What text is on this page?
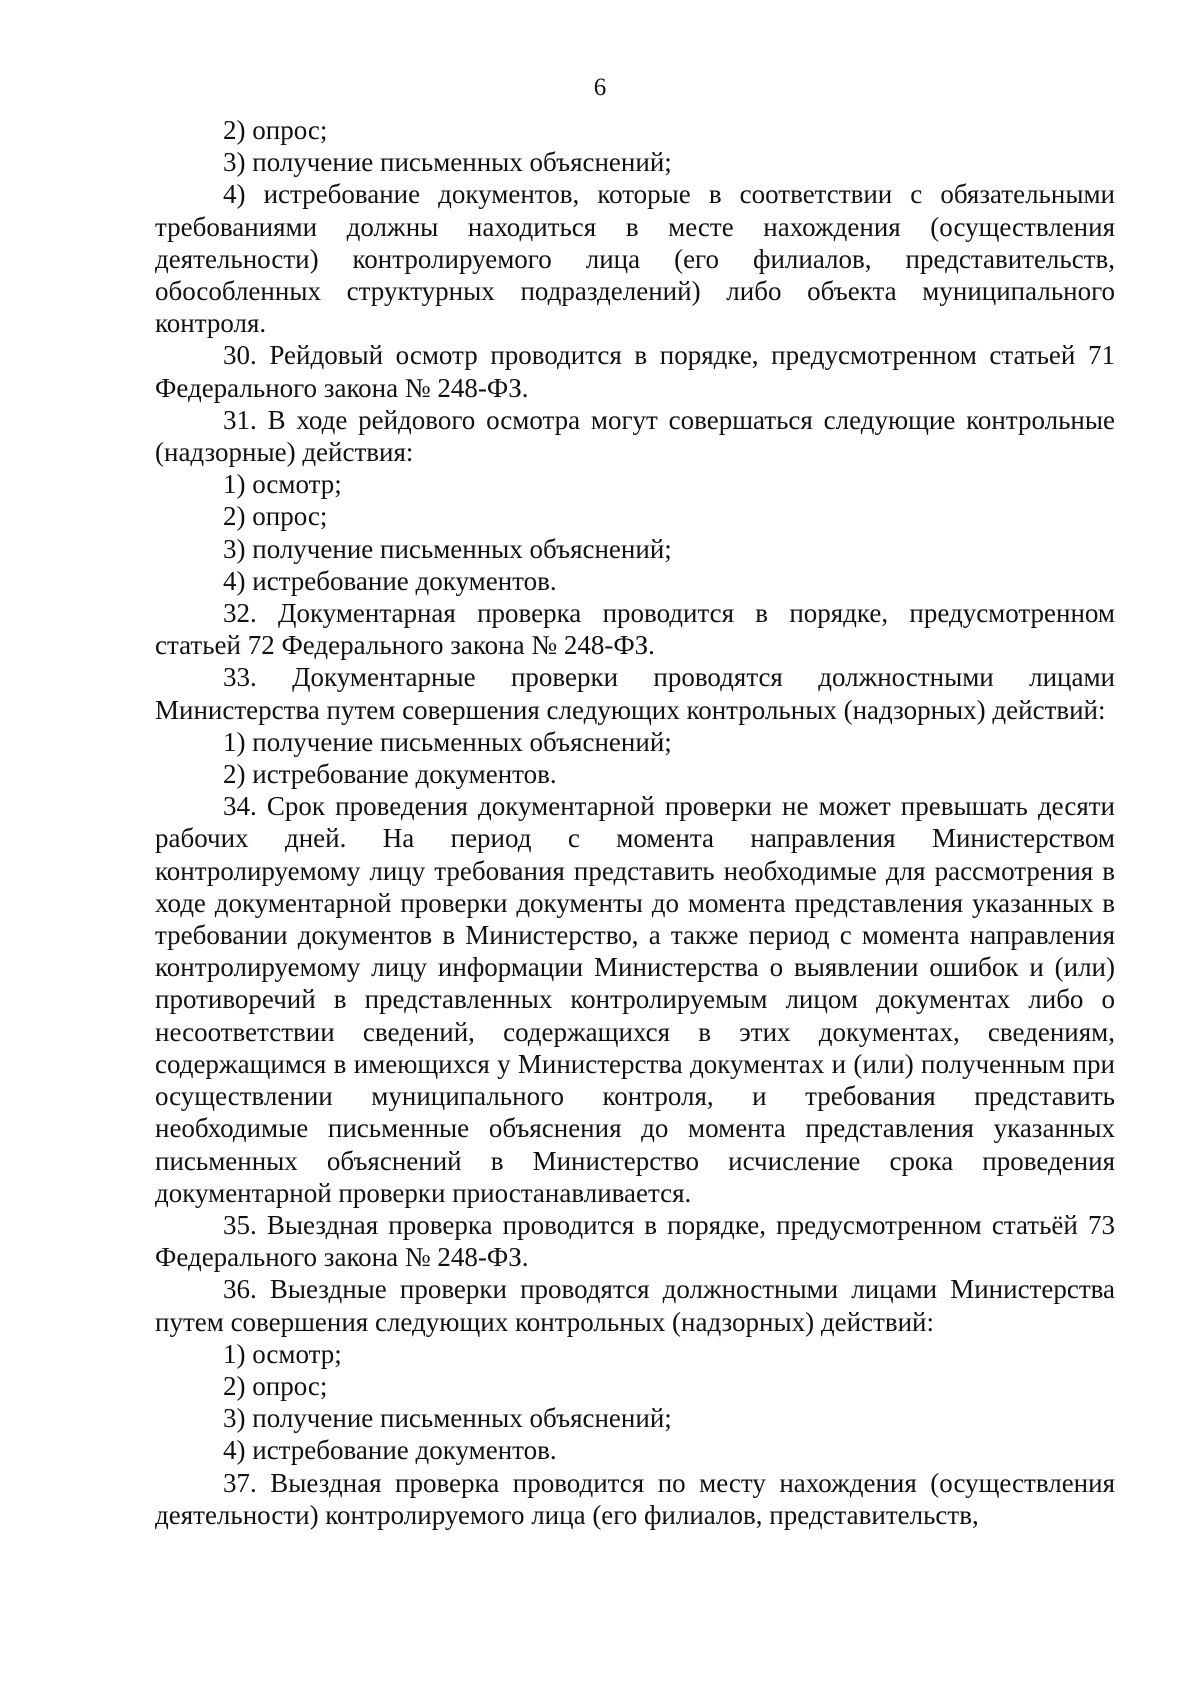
6

2) опрос;

3) получение письменных объяснений;

4) истребование документов, которые в соответствии с обязательными требованиями должны находиться в месте нахождения (осуществления деятельности) контролируемого лица (его филиалов, представительств, обособленных структурных подразделений) либо объекта муниципального контроля.

30. Рейдовый осмотр проводится в порядке, предусмотренном статьей 71 Федерального закона № 248-ФЗ.

31. В ходе рейдового осмотра могут совершаться следующие контрольные (надзорные) действия:

1) осмотр;

2) опрос;

3) получение письменных объяснений;

4) истребование документов.

32. Документарная проверка проводится в порядке, предусмотренном статьей 72 Федерального закона № 248-ФЗ.

33. Документарные проверки проводятся должностными лицами Министерства путем совершения следующих контрольных (надзорных) действий:

1) получение письменных объяснений;

2) истребование документов.

34. Срок проведения документарной проверки не может превышать десяти рабочих дней. На период с момента направления Министерством контролируемому лицу требования представить необходимые для рассмотрения в ходе документарной проверки документы до момента представления указанных в требовании документов в Министерство, а также период с момента направления контролируемому лицу информации Министерства о выявлении ошибок и (или) противоречий в представленных контролируемым лицом документах либо о несоответствии сведений, содержащихся в этих документах, сведениям, содержащимся в имеющихся у Министерства документах и (или) полученным при осуществлении муниципального контроля, и требования представить необходимые письменные объяснения до момента представления указанных письменных объяснений в Министерство исчисление срока проведения документарной проверки приостанавливается.

35. Выездная проверка проводится в порядке, предусмотренном статьёй 73 Федерального закона № 248-ФЗ.

36. Выездные проверки проводятся должностными лицами Министерства путем совершения следующих контрольных (надзорных) действий:

1) осмотр;

2) опрос;

3) получение письменных объяснений;

4) истребование документов.

37. Выездная проверка проводится по месту нахождения (осуществления деятельности) контролируемого лица (его филиалов, представительств,
